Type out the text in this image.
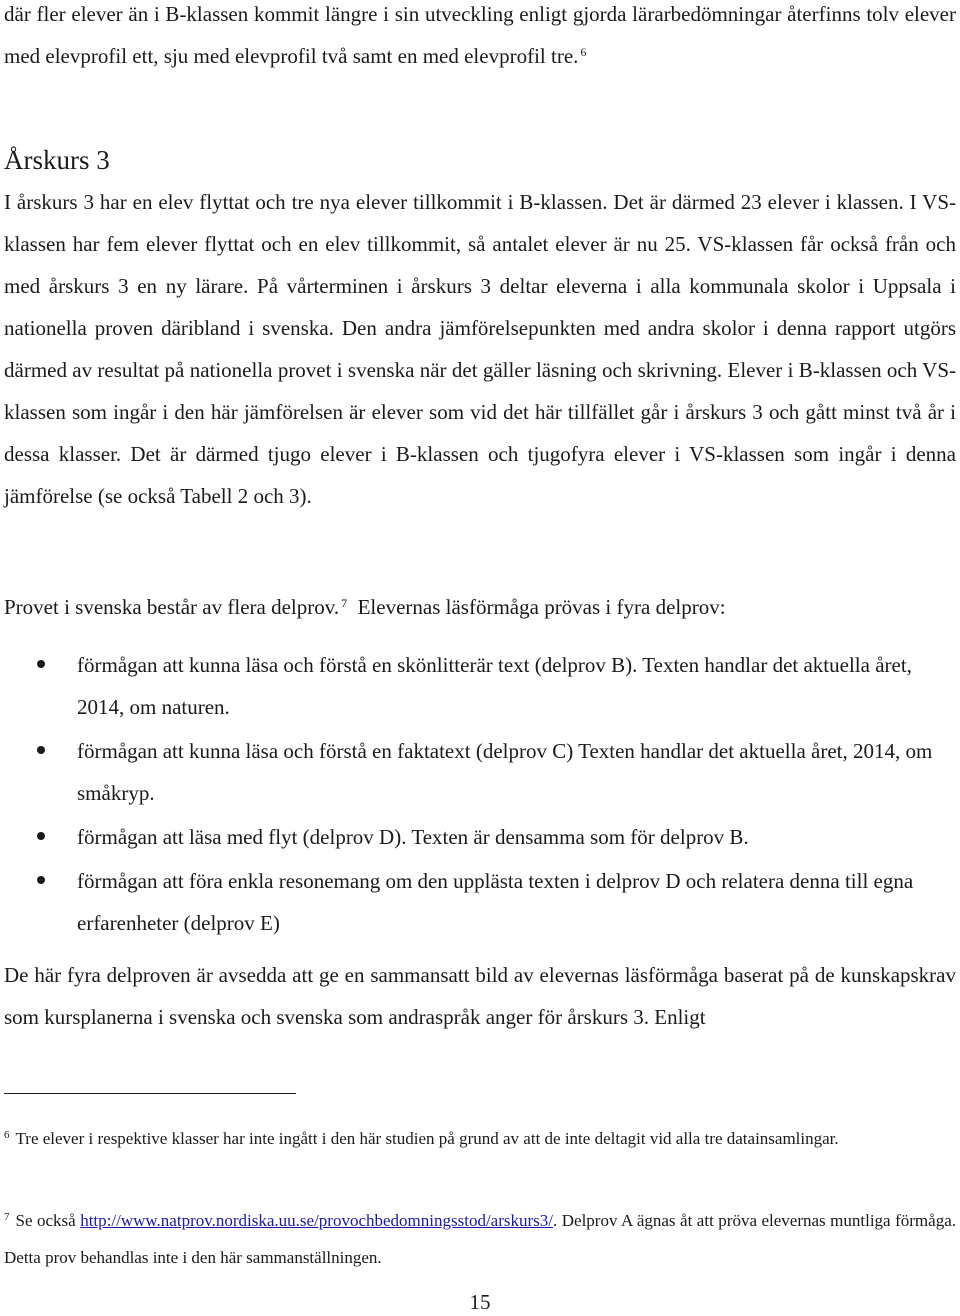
där fler elever än i B-klassen kommit längre i sin utveckling enligt gjorda lärarbedömningar återfinns tolv elever med elevprofil ett, sju med elevprofil två samt en med elevprofil tre. $^6$

Årskurs 3

I årskurs 3 har en elev flyttat och tre nya elever tillkommit i B-klassen. Det är därmed 23 elever i klassen. I VS-klassen har fem elever flyttat och en elev tillkommit, så antalet elever är nu 25. VS-klassen får också från och med årskurs 3 en ny lärare. På vårterminen i årskurs 3 deltar eleverna i alla kommunala skolor i Uppsala i nationella proven däribland i svenska. Den andra jämförelsepunkten med andra skolor i denna rapport utgörs därmed av resultat på nationella provet i svenska när det gäller läsning och skrivning. Elever i B-klassen och VS-klassen som ingår i den här jämförelsen är elever som vid det här tillfället går i årskurs 3 och gått minst två år i dessa klasser. Det är därmed tjugo elever i B-klassen och tjugofyra elever i VS-klassen som ingår i denna jämförelse (se också Tabell 2 och 3).

Provet i svenska består av flera delprov. $^7$ Elevernas läsförmåga prövas i fyra delprov:

förmågan att kunna läsa och förstå en skönlitterär text (delprov B). Texten handlar det aktuella året, 2014, om naturen.
förmågan att kunna läsa och förstå en faktatext (delprov C) Texten handlar det aktuella året, 2014, om småkryp.
förmågan att läsa med flyt (delprov D). Texten är densamma som för delprov B.
förmågan att föra enkla resonemang om den upplästa texten i delprov D och relatera denna till egna erfarenheter (delprov E)

De här fyra delproven är avsedda att ge en sammansatt bild av elevernas läsförmåga baserat på de kunskapskrav som kursplanerna i svenska och svenska som andraspråk anger för årskurs 3. Enligt

$^6$ Tre elever i respektive klasser har inte ingått i den här studien på grund av att de inte deltagit vid alla tre datainsamlingar.

$^7$ Se också http://www.natprov.nordiska.uu.se/provochbedomningsstod/arskurs3/. Delprov A ägnas åt att pröva elevernas muntliga förmåga. Detta prov behandlas inte i den här sammanställningen.

15
